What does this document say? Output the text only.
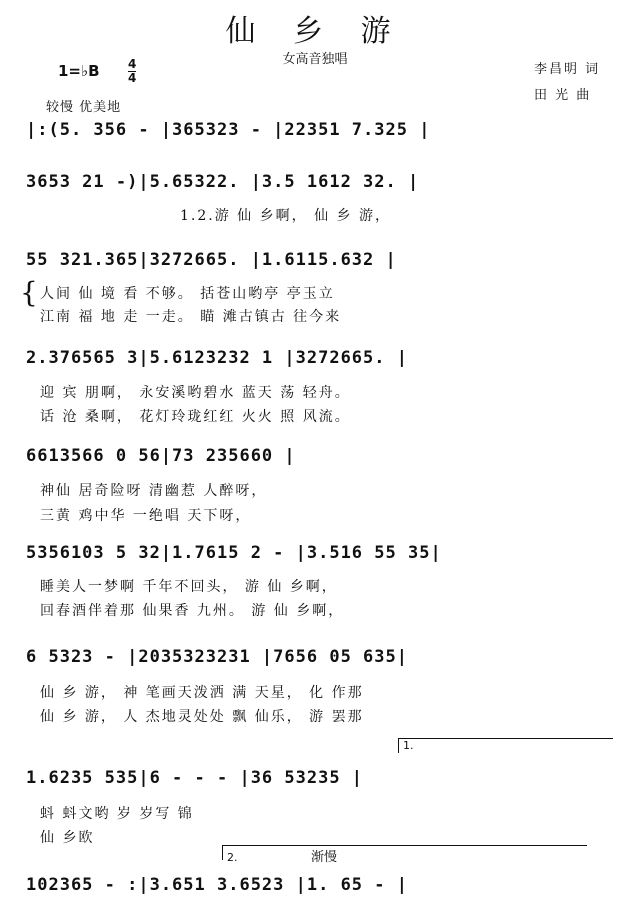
仙 乡 游
女高音独唱
李昌明 词
田 光 曲
1=♭B 4
4
较慢 优美地
|:(5. 356 - |365323 - |22351 7.325 |
3653 21 -)|5.65322. |3.5 1612 32. |
1.2.游 仙 乡啊， 仙 乡 游，
55 321.365|3272665. |1.6115.632 |
{ 人间 仙 境 看 不够。 括苍山哟亭 亭玉立
江南 福 地 走 一走。 瞄 滩古镇古 往今来
2.376565 3|5.6123232 1 |3272665. |
迎 宾 朋啊， 永安溪哟碧水 蓝天 荡 轻舟。
话 沧 桑啊， 花灯玲珑红红 火火 照 风流。
6613566 0 56|73 235660 |
神仙 居奇险呀 清幽惹 人醉呀，
三黄 鸡中华 一绝唱 天下呀，
5356103 5 32|1.7615 2 - |3.516 55 35|
睡美人一梦啊 千年不回头， 游 仙 乡啊，
回春酒伴着那 仙果香 九州。 游 仙 乡啊，
6 5323 - |2035323231 |7656 05 635|
仙 乡 游， 神 笔画天泼洒 满 天星， 化 作那
仙 乡 游， 人 杰地灵处处 飘 仙乐， 游 罢那
1.
1.6235 535|6 - - - |36 53235 |
蚪 蚪文哟 岁 岁写 锦
仙 乡欧
2.	渐慢
102365 - :|3.651 3.6523 |1. 65 - |
